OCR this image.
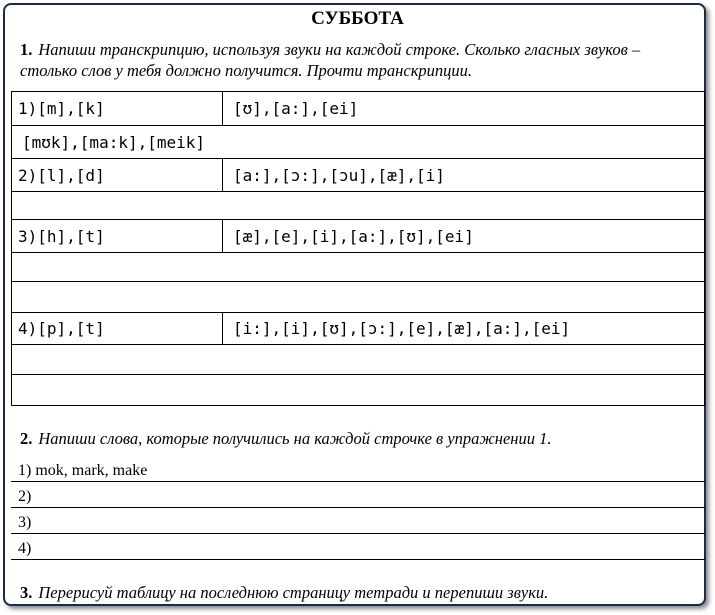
СУББОТА
1. Напиши транскрипцию, используя звуки на каждой строке. Сколько гласных звуков – столько слов у тебя должно получится. Прочти транскрипции.
1)[m],[k]	[ʊ],[a:],[ei]
[mʊk],[ma:k],[meik]
2)[l],[d]	[a:],[ɔ:],[ɔu],[æ],[i]
3)[h],[t]	[æ],[e],[i],[a:],[ʊ],[ei]
4)[p],[t]	[i:],[i],[ʊ],[ɔ:],[e],[æ],[a:],[ei]
2. Напиши слова, которые получились на каждой строчке в упражнении 1.
1) mok, mark, make
2)
3)
4)
3. Перерисуй таблицу на последнюю страницу тетради и перепиши звуки.
